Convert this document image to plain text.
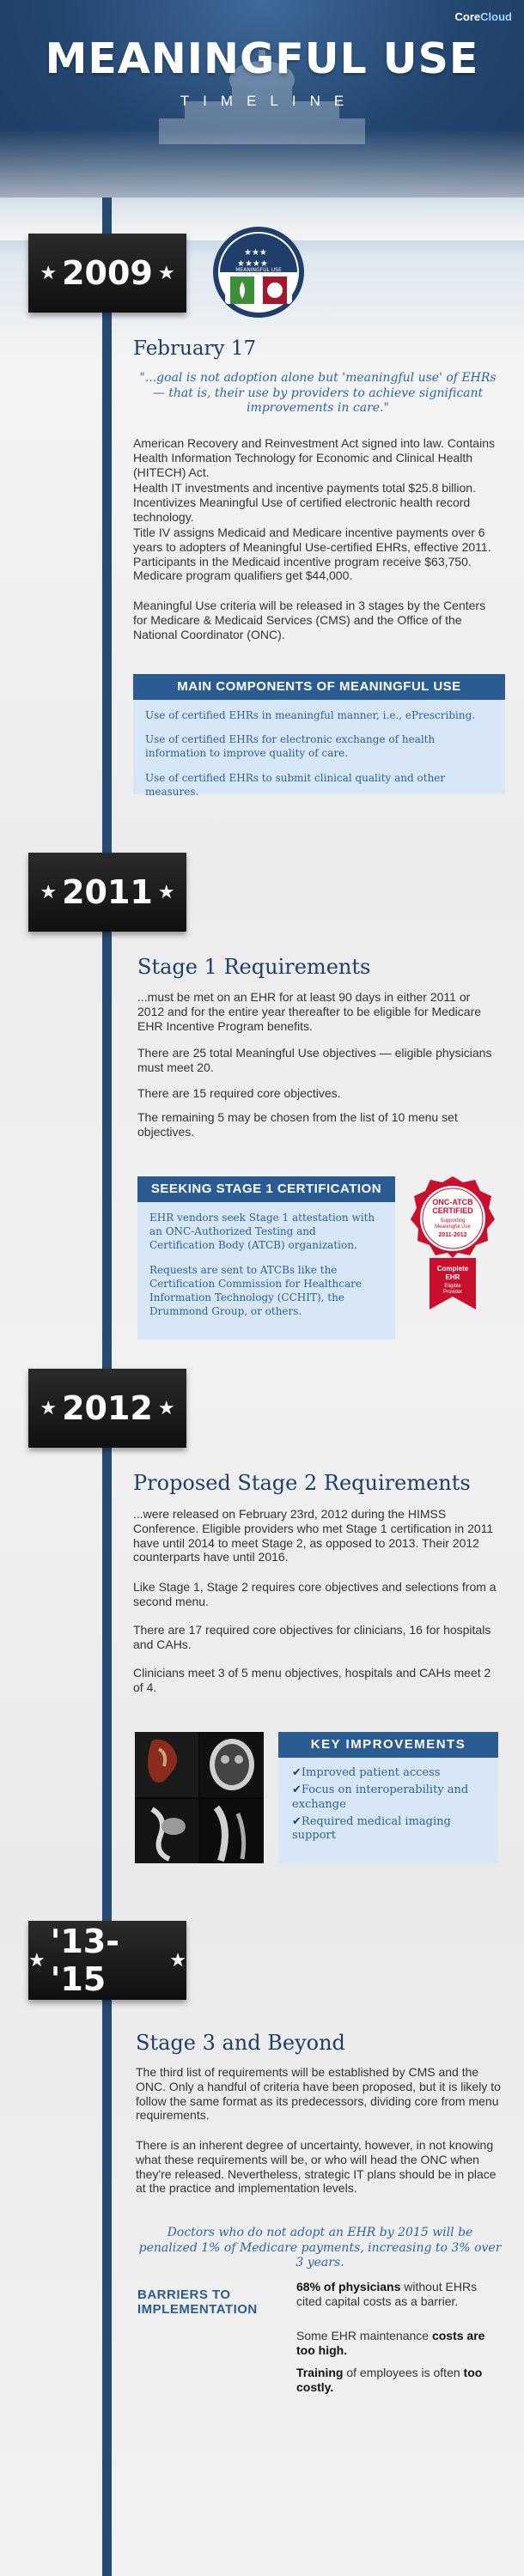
CoreCloud
MEANINGFUL USE
TIMELINE
★ 2009 ★
★★★
★★★★
MEANINGFUL USE
February 17
"...goal is not adoption alone but 'meaningful use' of EHRs — that is, their use by providers to achieve significant improvements in care."
American Recovery and Reinvestment Act signed into law. Contains Health Information Technology for Economic and Clinical Health (HITECH) Act.
Health IT investments and incentive payments total $25.8 billion. Incentivizes Meaningful Use of certified electronic health record technology.
Title IV assigns Medicaid and Medicare incentive payments over 6 years to adopters of Meaningful Use-certified EHRs, effective 2011. Participants in the Medicaid incentive program receive $63,750. Medicare program qualifiers get $44,000.
Meaningful Use criteria will be released in 3 stages by the Centers for Medicare & Medicaid Services (CMS) and the Office of the National Coordinator (ONC).
MAIN COMPONENTS OF MEANINGFUL USE

Use of certified EHRs in meaningful manner, i.e., ePrescribing.

Use of certified EHRs for electronic exchange of health information to improve quality of care.

Use of certified EHRs to submit clinical quality and other measures.

★ 2011 ★
Stage 1 Requirements
...must be met on an EHR for at least 90 days in either 2011 or 2012 and for the entire year thereafter to be eligible for Medicare EHR Incentive Program benefits.
There are 25 total Meaningful Use objectives — eligible physicians must meet 20.
There are 15 required core objectives.
The remaining 5 may be chosen from the list of 10 menu set objectives.
SEEKING STAGE 1 CERTIFICATION

EHR vendors seek Stage 1 attestation with an ONC-Authorized Testing and Certification Body (ATCB) organization.

Requests are sent to ATCBs like the Certification Commission for Healthcare Information Technology (CCHIT), the Drummond Group, or others.

ONC-ATCB
CERTIFIED
Supporting
Meaningful Use
2011-2012
Complete
EHR
Eligible
Provider
★ 2012 ★
Proposed Stage 2 Requirements
...were released on February 23rd, 2012 during the HIMSS Conference. Eligible providers who met Stage 1 certification in 2011 have until 2014 to meet Stage 2, as opposed to 2013. Their 2012 counterparts have until 2016.
Like Stage 1, Stage 2 requires core objectives and selections from a second menu.
There are 17 required core objectives for clinicians, 16 for hospitals and CAHs.
Clinicians meet 3 of 5 menu objectives, hospitals and CAHs meet 2 of 4.
KEY IMPROVEMENTS
✔ Improved patient access
✔ Focus on interoperability and exchange
✔ Required medical imaging support
★ '13-'15
★
Stage 3 and Beyond
The third list of requirements will be established by CMS and the ONC. Only a handful of criteria have been proposed, but it is likely to follow the same format as its predecessors, dividing core from menu requirements.
There is an inherent degree of uncertainty, however, in not knowing what these requirements will be, or who will head the ONC when they're released. Nevertheless, strategic IT plans should be in place at the practice and implementation levels.
Doctors who do not adopt an EHR by 2015 will be penalized 1% of Medicare payments, increasing to 3% over 3 years.
BARRIERS TO IMPLEMENTATION
68% of physicians without EHRs cited capital costs as a barrier.
Some EHR maintenance costs are too high.
Training of employees is often too costly.
